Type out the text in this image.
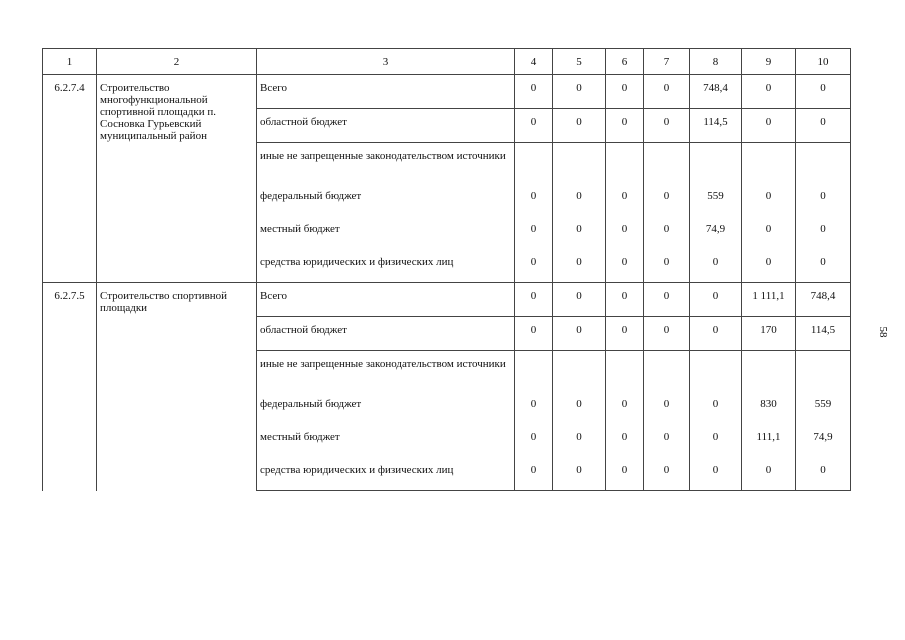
1	2	3	4	5	6	7	8	9	10
6.2.7.4	Строительство многофункциональной спортивной площадки п. Сосновка Гурьевский муниципальный район	Всего	0	0	0	0	748,4	0	0
		областной бюджет	0	0	0	0	114,5	0	0
		иные не запрещенные законодательством источники							
		федеральный бюджет	0	0	0	0	559	0	0
		местный бюджет	0	0	0	0	74,9	0	0
		средства юридических и физических лиц	0	0	0	0	0	0	0
6.2.7.5	Строительство спортивной площадки	Всего	0	0	0	0	0	1 111,1	748,4
		областной бюджет	0	0	0	0	0	170	114,5
		иные не запрещенные законодательством источники							
		федеральный бюджет	0	0	0	0	0	830	559
		местный бюджет	0	0	0	0	0	111,1	74,9
		средства юридических и физических лиц	0	0	0	0	0	0	0
58
